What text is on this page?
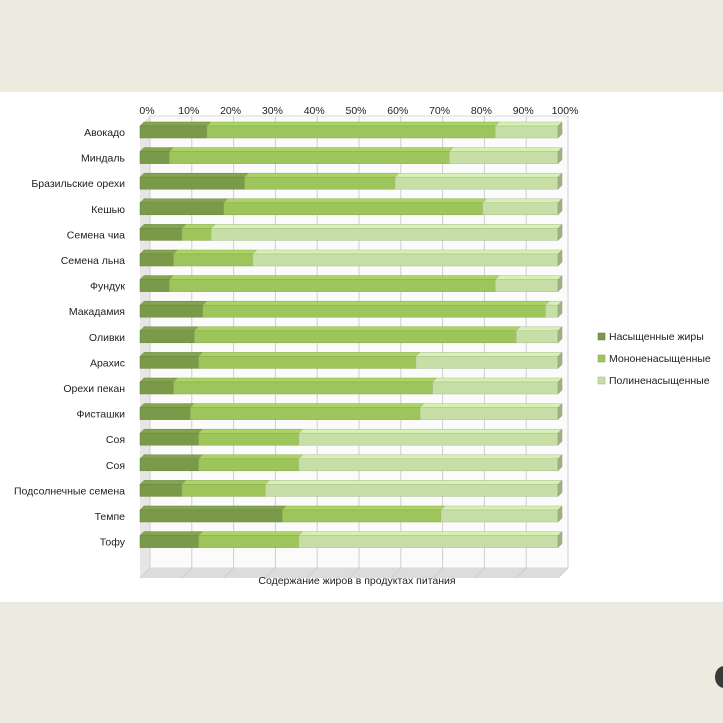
0% 10% 20% 30% 40% 50% 60% 70% 80% 90% 100%
Авокадо
Миндаль
Бразильские орехи
Кешью
Семена чиа
Семена льна
Фундук
Макадамия
Оливки
Арахис
Орехи пекан
Фисташки
Соя
Соя
Подсолнечные семена
Темпе
Тофу
Насыщенные жиры
Мононенасыщенные
Полиненасыщенные
Содержание жиров в продуктах питания
